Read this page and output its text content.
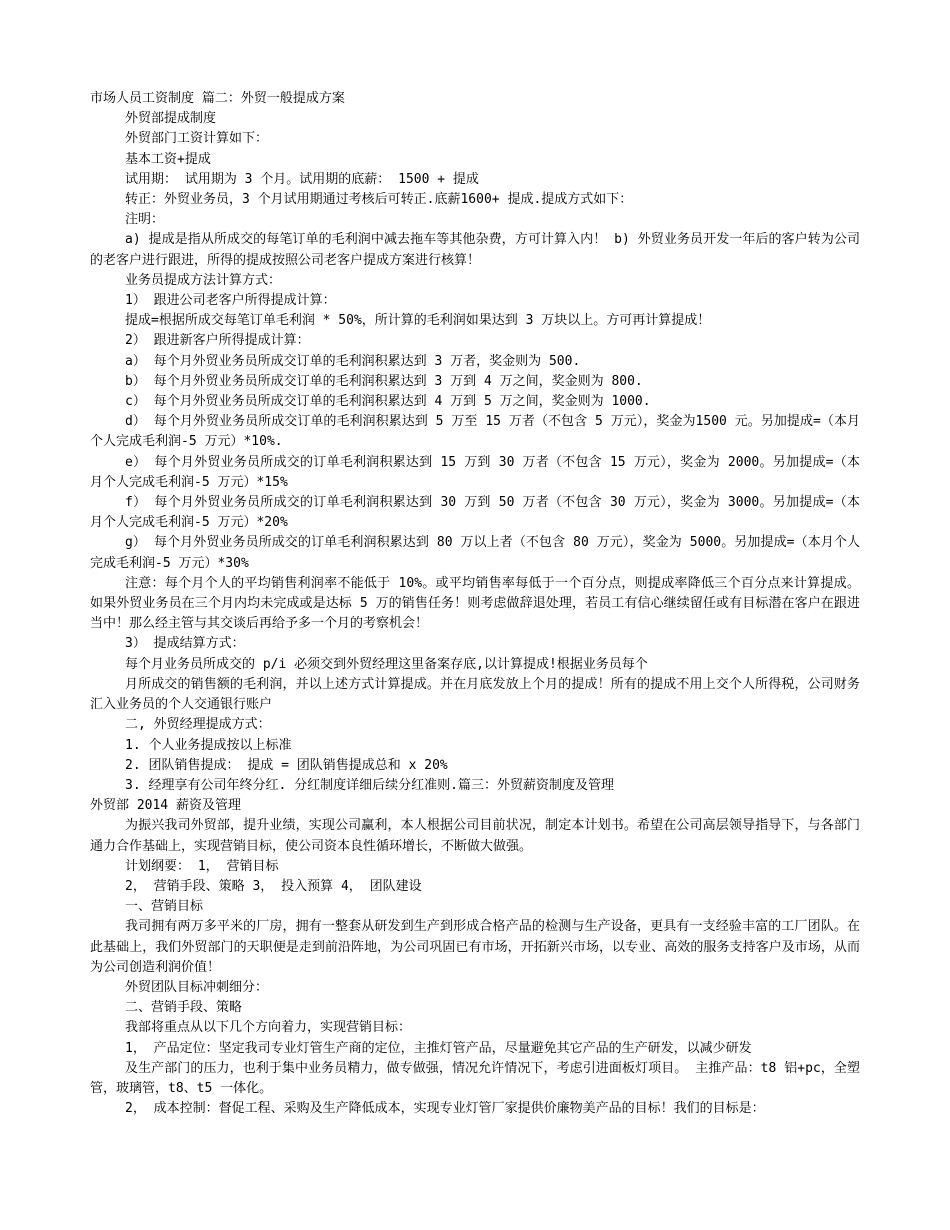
市场人员工资制度 篇二：外贸一般提成方案

外贸部提成制度

外贸部门工资计算如下：

基本工资+提成

试用期： 试用期为 3 个月。试用期的底薪： 1500 + 提成

转正：外贸业务员，3 个月试用期通过考核后可转正.底薪1600+ 提成.提成方式如下：

注明：

a) 提成是指从所成交的每笔订单的毛利润中减去拖车等其他杂费，方可计算入内！ b) 外贸业务员开发一年后的客户转为公司的老客户进行跟进，所得的提成按照公司老客户提成方案进行核算！

业务员提成方法计算方式：

1） 跟进公司老客户所得提成计算：

提成=根据所成交每笔订单毛利润 * 50%，所计算的毛利润如果达到 3 万块以上。方可再计算提成！

2） 跟进新客户所得提成计算：

a） 每个月外贸业务员所成交订单的毛利润积累达到 3 万者，奖金则为 500.

b） 每个月外贸业务员所成交订单的毛利润积累达到 3 万到 4 万之间，奖金则为 800.

c） 每个月外贸业务员所成交订单的毛利润积累达到 4 万到 5 万之间，奖金则为 1000.

d） 每个月外贸业务员所成交订单的毛利润积累达到 5 万至 15 万者（不包含 5 万元），奖金为1500 元。另加提成=（本月个人完成毛利润-5 万元）*10%.

e） 每个月外贸业务员所成交的订单毛利润积累达到 15 万到 30 万者（不包含 15 万元），奖金为 2000。另加提成=（本月个人完成毛利润-5 万元）*15%

f） 每个月外贸业务员所成交的订单毛利润积累达到 30 万到 50 万者（不包含 30 万元），奖金为 3000。另加提成=（本月个人完成毛利润-5 万元）*20%

g） 每个月外贸业务员所成交的订单毛利润积累达到 80 万以上者（不包含 80 万元），奖金为 5000。另加提成=（本月个人完成毛利润-5 万元）*30%

注意：每个月个人的平均销售利润率不能低于 10%。或平均销售率每低于一个百分点，则提成率降低三个百分点来计算提成。 如果外贸业务员在三个月内均未完成或是达标 5 万的销售任务！则考虑做辞退处理，若员工有信心继续留任或有目标潜在客户在跟进当中！那么经主管与其交谈后再给予多一个月的考察机会！

3） 提成结算方式：

每个月业务员所成交的 p/i 必须交到外贸经理这里备案存底,以计算提成!根据业务员每个

月所成交的销售额的毛利润，并以上述方式计算提成。并在月底发放上个月的提成！所有的提成不用上交个人所得税，公司财务汇入业务员的个人交通银行账户

二, 外贸经理提成方式：

1. 个人业务提成按以上标准

2. 团队销售提成： 提成 = 团队销售提成总和 x 20%

3. 经理享有公司年终分红. 分红制度详细后续分红准则.篇三：外贸薪资制度及管理

外贸部 2014 薪资及管理

为振兴我司外贸部，提升业绩，实现公司赢利，本人根据公司目前状况，制定本计划书。希望在公司高层领导指导下，与各部门通力合作基础上，实现营销目标，使公司资本良性循环增长，不断做大做强。

计划纲要： 1， 营销目标

2， 营销手段、策略 3， 投入预算 4， 团队建设

一、营销目标

我司拥有两万多平米的厂房，拥有一整套从研发到生产到形成合格产品的检测与生产设备，更具有一支经验丰富的工厂团队。在此基础上，我们外贸部门的天职便是走到前沿阵地，为公司巩固已有市场，开拓新兴市场，以专业、高效的服务支持客户及市场，从而为公司创造利润价值！

外贸团队目标冲刺细分：

二、营销手段、策略

我部将重点从以下几个方向着力，实现营销目标：

1， 产品定位：坚定我司专业灯管生产商的定位，主推灯管产品，尽量避免其它产品的生产研发，以减少研发

及生产部门的压力，也利于集中业务员精力，做专做强，情况允许情况下，考虑引进面板灯项目。 主推产品：t8 铝+pc，全塑管，玻璃管，t8、t5 一体化。

2， 成本控制：督促工程、采购及生产降低成本，实现专业灯管厂家提供价廉物美产品的目标！我们的目标是：
